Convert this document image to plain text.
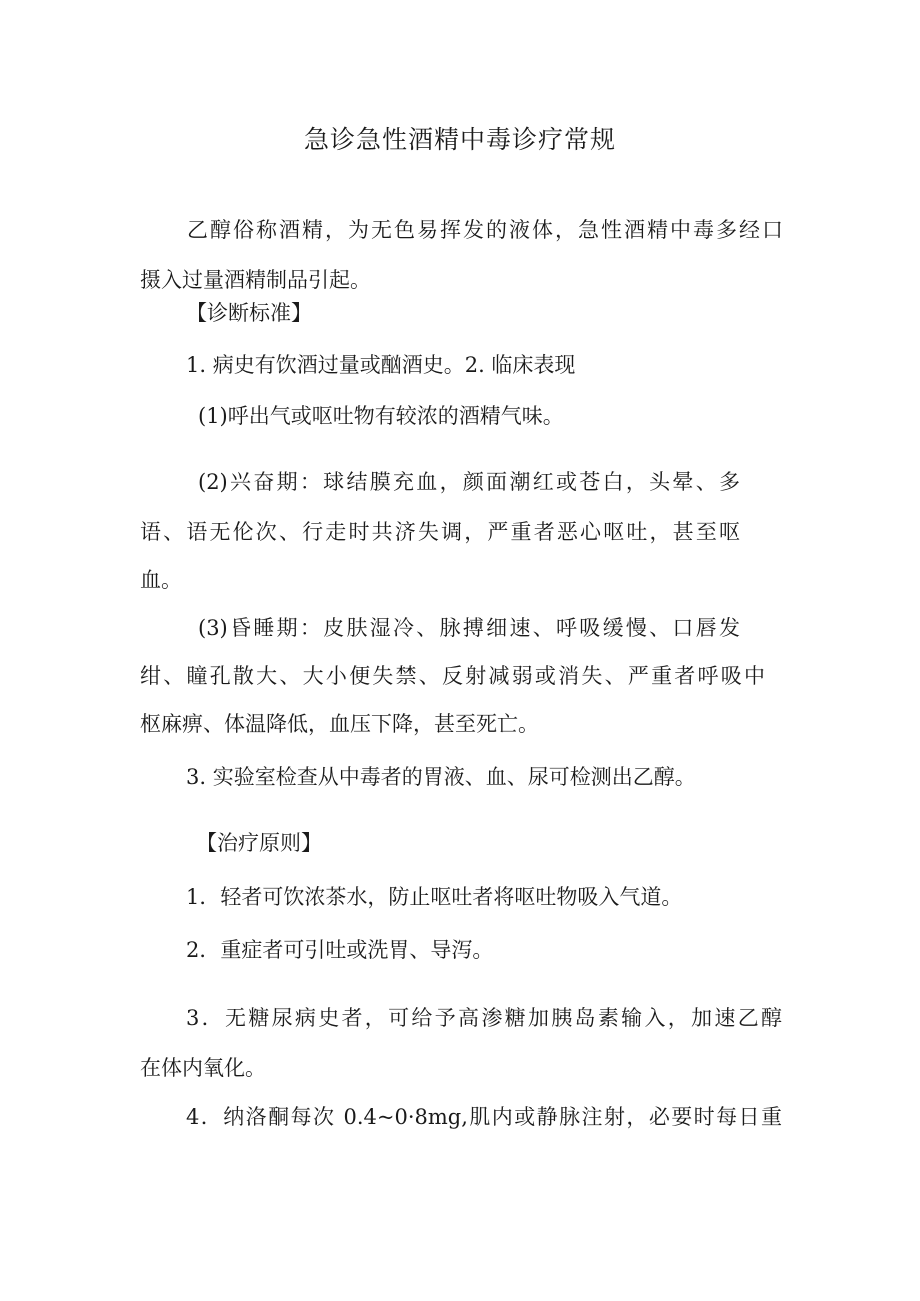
急诊急性酒精中毒诊疗常规
乙醇俗称酒精，为无色易挥发的液体，急性酒精中毒多经口
摄入过量酒精制品引起。
【诊断标准】
1. 病史有饮酒过量或酗酒史。2. 临床表现
(1)呼出气或呕吐物有较浓的酒精气味。
(2)兴奋期：球结膜充血，颜面潮红或苍白，头晕、多
语、语无伦次、行走时共济失调，严重者恶心呕吐，甚至呕
血。
(3)昏睡期：皮肤湿冷、脉搏细速、呼吸缓慢、口唇发
绀、瞳孔散大、大小便失禁、反射减弱或消失、严重者呼吸中
枢麻痹、体温降低，血压下降，甚至死亡。
3. 实验室检查从中毒者的胃液、血、尿可检测出乙醇。
【治疗原则】
1．轻者可饮浓茶水，防止呕吐者将呕吐物吸入气道。
2．重症者可引吐或洗胃、导泻。
3．无糖尿病史者，可给予高渗糖加胰岛素输入，加速乙醇
在体内氧化。
4．纳洛酮每次 0.4~0·8mg,肌内或静脉注射，必要时每日重
